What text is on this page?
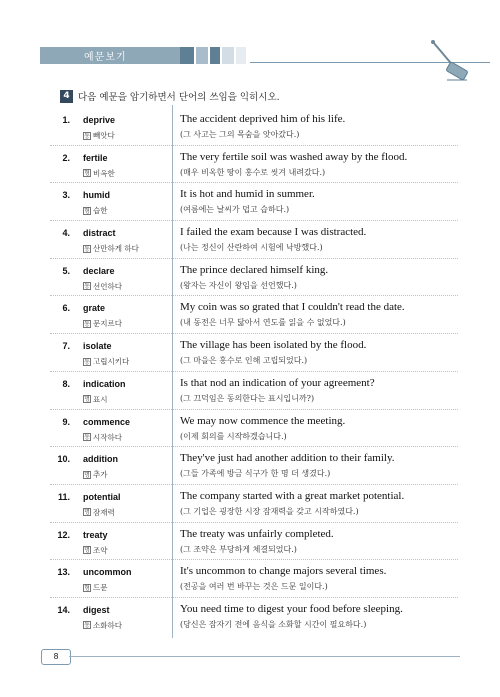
예문보기
4 다음 예문을 암기하면서 단어의 쓰임을 익히시오.
1. deprive
동 빼앗다
The accident deprived him of his life.
(그 사고는 그의 목숨을 앗아갔다.)
2. fertile
형 비옥한
The very fertile soil was washed away by the flood.
(매우 비옥한 땅이 홍수로 씻겨 내려갔다.)
3. humid
형 습한
It is hot and humid in summer.
(여름에는 날씨가 덥고 습하다.)
4. distract
동 산만하게 하다
I failed the exam because I was distracted.
(나는 정신이 산란하여 시험에 낙방했다.)
5. declare
동 선언하다
The prince declared himself king.
(왕자는 자신이 왕임을 선언했다.)
6. grate
동 문지르다
My coin was so grated that I couldn't read the date.
(내 동전은 너무 닳아서 연도를 읽을 수 없었다.)
7. isolate
동 고립시키다
The village has been isolated by the flood.
(그 마을은 홍수로 인해 고립되었다.)
8. indication
명 표시
Is that nod an indication of your agreement?
(그 끄덕임은 동의한다는 표시입니까?)
9. commence
동 시작하다
We may now commence the meeting.
(이제 회의를 시작하겠습니다.)
10. addition
명 추가
They've just had another addition to their family.
(그들 가족에 방금 식구가 한 명 더 생겼다.)
11. potential
명 잠재력
The company started with a great market potential.
(그 기업은 굉장한 시장 잠재력을 갖고 시작하였다.)
12. treaty
명 조약
The treaty was unfairly completed.
(그 조약은 부당하게 체결되었다.)
13. uncommon
형 드문
It's uncommon to change majors several times.
(전공을 여러 번 바꾸는 것은 드문 일이다.)
14. digest
동 소화하다
You need time to digest your food before sleeping.
(당신은 잠자기 전에 음식을 소화할 시간이 필요하다.)
8
